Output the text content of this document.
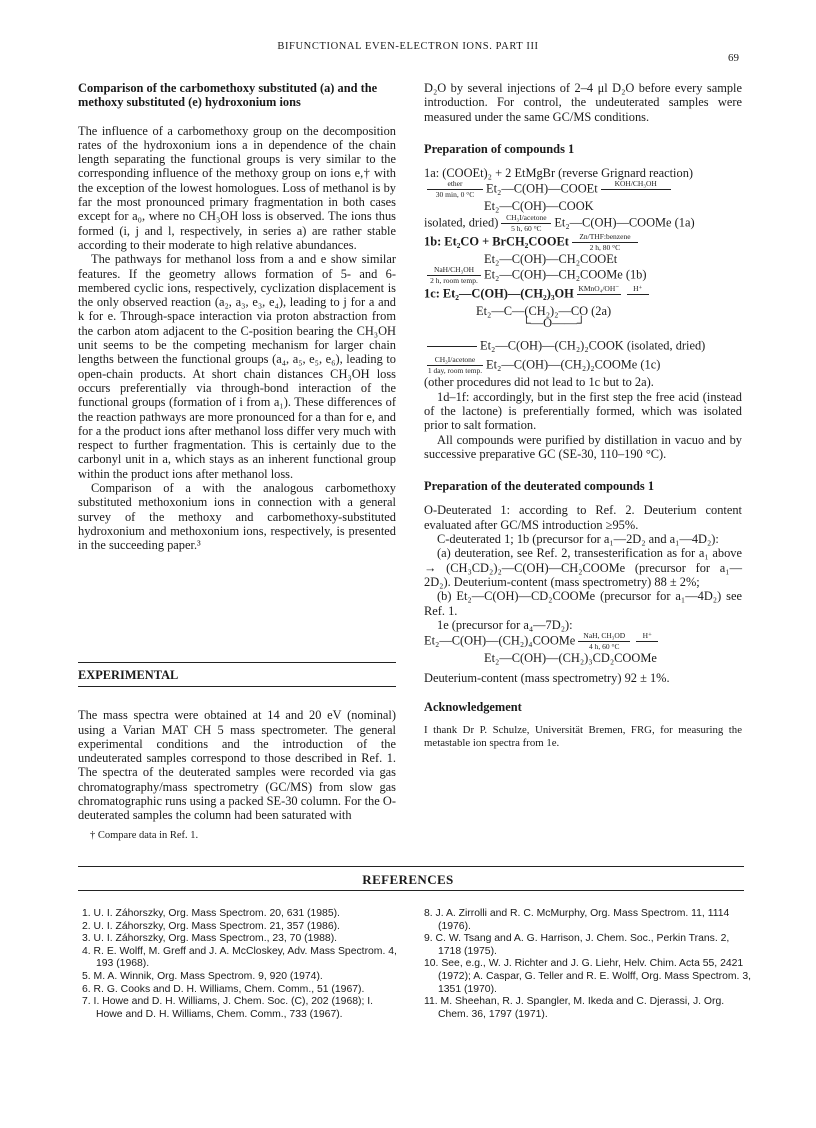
BIFUNCTIONAL EVEN-ELECTRON IONS. PART III
69
Comparison of the carbomethoxy substituted (a) and the methoxy substituted (e) hydroxonium ions

The influence of a carbomethoxy group on the decomposition rates of the hydroxonium ions a in dependence of the chain length separating the functional groups is very similar to the corresponding influence of the methoxy group on ions e,† with the exception of the lowest homologues. Loss of methanol is by far the most pronounced primary fragmentation in both cases except for a₀, where no CH₃OH loss is observed. The ions thus formed (i, j and l, respectively, in series a) are rather stable according to their moderate to high relative abundances.

The pathways for methanol loss from a and e show similar features. If the geometry allows formation of 5- and 6-membered cyclic ions, respectively, cyclization displacement is the only observed reaction (a₂, a₃, e₃, e₄), leading to j for a and k for e. Through-space interaction via proton abstraction from the carbon atom adjacent to the C-position bearing the CH₃OH unit seems to be the competing mechanism for larger chain lengths between the functional groups (a₄, a₅, e₅, e₆), leading to open-chain products. At short chain distances CH₃OH loss occurs preferentially via through-bond interaction of the functional groups (formation of i from a₁). These differences of the reaction pathways are more pronounced for a than for e, and for a the product ions after methanol loss differ very much with respect to further fragmentation. This is certainly due to the carbonyl unit in a, which stays as an inherent functional group within the product ions after methanol loss.

Comparison of a with the analogous carbomethoxy substituted methoxonium ions in connection with a general survey of the methoxy and carbomethoxy-substituted hydroxonium and methoxonium ions, respectively, is presented in the succeeding paper.³

EXPERIMENTAL

The mass spectra were obtained at 14 and 20 eV (nominal) using a Varian MAT CH 5 mass spectrometer. The general experimental conditions and the introduction of the undeuterated samples correspond to those described in Ref. 1. The spectra of the deuterated samples were recorded via gas chromatography/mass spectrometry (GC/MS) from slow gas chromatographic runs using a packed SE-30 column. For the O-deuterated samples the column had been saturated with

† Compare data in Ref. 1.

D₂O by several injections of 2–4 μl D₂O before every sample introduction. For control, the undeuterated samples were measured under the same GC/MS conditions.

Preparation of compounds 1
1a: (COOEt)₂ + 2 EtMgBr (reverse Grignard reaction)
ether
30 min, 0 °C Et₂—C(OH)—COOEt KOH/CH₃OH

Et₂—C(OH)—COOK
isolated, dried) CH₃I/acetone
5 h, 60 °C Et₂—C(OH)—COOMe (1a)
1b: Et₂CO + BrCH₂COOEt Zn/THF:benzene
2 h, 80 °C
Et₂—C(OH)—CH₂COOEt
NaH/CH₃OH
2 h, room temp. Et₂—C(OH)—CH₂COOMe (1b)
1c: Et₂—C(OH)—(CH₂)₃OH KMnO₄/OH⁻ H⁺

Et₂—C—(CH₂)₂—CO (2a)
└—O——┘

Et₂—C(OH)—(CH₂)₂COOK (isolated, dried)
CH₃I/acetone
1 day, room temp. Et₂—C(OH)—(CH₂)₂COOMe (1c)
(other procedures did not lead to 1c but to 2a).

1d–1f: accordingly, but in the first step the free acid (instead of the lactone) is preferentially formed, which was isolated prior to salt formation.

All compounds were purified by distillation in vacuo and by successive preparative GC (SE-30, 110–190 °C).

Preparation of the deuterated compounds 1

O-Deuterated 1: according to Ref. 2. Deuterium content evaluated after GC/MS introduction ≥95%.

C-deuterated 1; 1b (precursor for a₁—2D₂ and a₁—4D₂):

(a) deuteration, see Ref. 2, transesterification as for a₁ above → (CH₃CD₂)₂—C(OH)—CH₂COOMe (precursor for a₁—2D₂). Deuterium-content (mass spectrometry) 88 ± 2%;

(b) Et₂—C(OH)—CD₂COOMe (precursor for a₁—4D₂) see Ref. 1.

1e (precursor for a₄—7D₂):

Et₂—C(OH)—(CH₂)₄COOMe NaH, CH₃OD
4 h, 60 °CH⁺

Et₂—C(OH)—(CH₂)₃CD₂COOMe

Deuterium-content (mass spectrometry) 92 ± 1%.

Acknowledgement

I thank Dr P. Schulze, Universität Bremen, FRG, for measuring the metastable ion spectra from 1e.

REFERENCES
1. U. I. Záhorszky, Org. Mass Spectrom. 20, 631 (1985).
2. U. I. Záhorszky, Org. Mass Spectrom. 21, 357 (1986).
3. U. I. Záhorszky, Org. Mass Spectrom., 23, 70 (1988).
4. R. E. Wolff, M. Greff and J. A. McCloskey, Adv. Mass Spectrom. 4, 193 (1968).
5. M. A. Winnik, Org. Mass Spectrom. 9, 920 (1974).
6. R. G. Cooks and D. H. Williams, Chem. Comm., 51 (1967).
7. I. Howe and D. H. Williams, J. Chem. Soc. (C), 202 (1968); I. Howe and D. H. Williams, Chem. Comm., 733 (1967).
8. J. A. Zirrolli and R. C. McMurphy, Org. Mass Spectrom. 11, 1114 (1976).
9. C. W. Tsang and A. G. Harrison, J. Chem. Soc., Perkin Trans. 2, 1718 (1975).
10. See, e.g., W. J. Richter and J. G. Liehr, Helv. Chim. Acta 55, 2421 (1972); A. Caspar, G. Teller and R. E. Wolff, Org. Mass Spectrom. 3, 1351 (1970).
11. M. Sheehan, R. J. Spangler, M. Ikeda and C. Djerassi, J. Org. Chem. 36, 1797 (1971).
